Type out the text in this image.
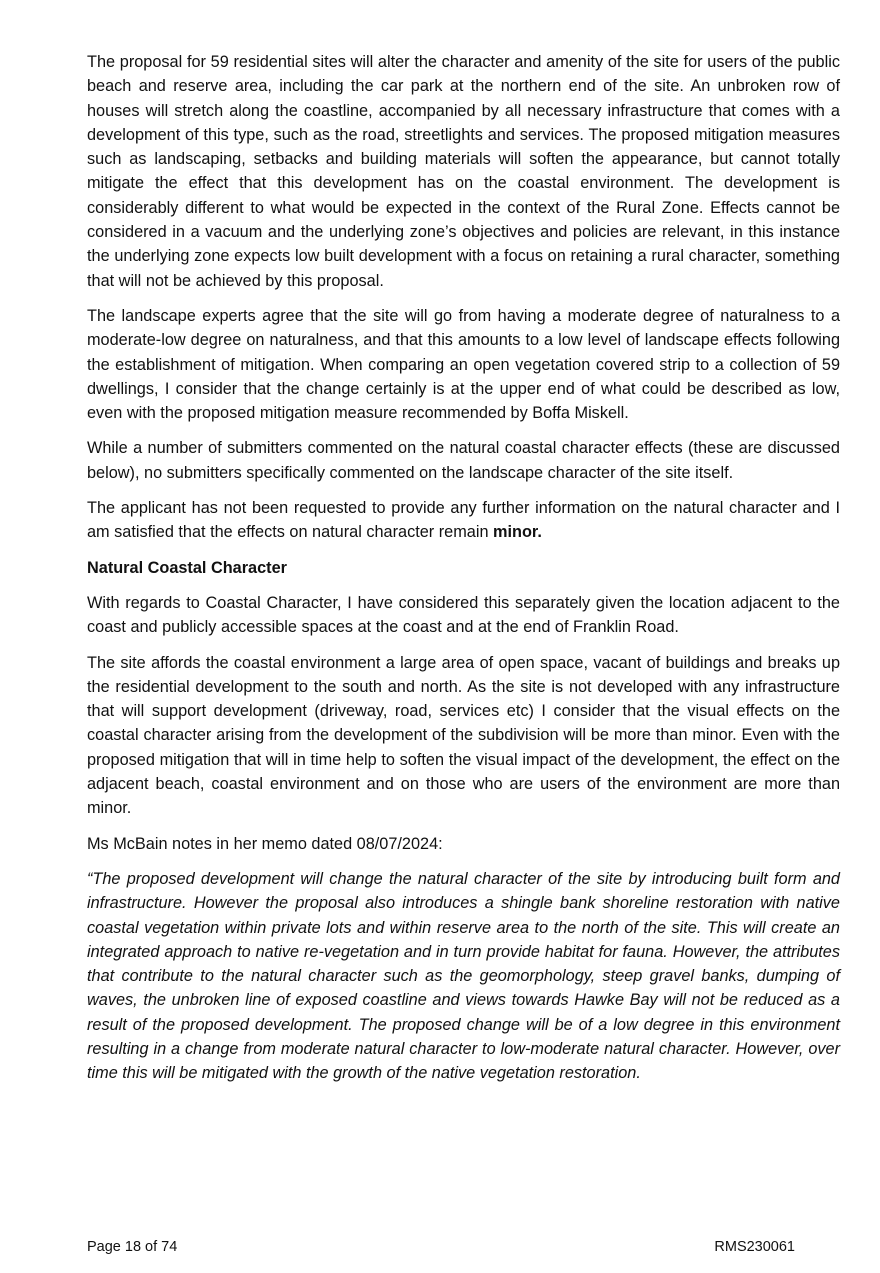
The proposal for 59 residential sites will alter the character and amenity of the site for users of the public beach and reserve area, including the car park at the northern end of the site. An unbroken row of houses will stretch along the coastline, accompanied by all necessary infrastructure that comes with a development of this type, such as the road, streetlights and services. The proposed mitigation measures such as landscaping, setbacks and building materials will soften the appearance, but cannot totally mitigate the effect that this development has on the coastal environment. The development is considerably different to what would be expected in the context of the Rural Zone. Effects cannot be considered in a vacuum and the underlying zone’s objectives and policies are relevant, in this instance the underlying zone expects low built development with a focus on retaining a rural character, something that will not be achieved by this proposal.

The landscape experts agree that the site will go from having a moderate degree of naturalness to a moderate-low degree on naturalness, and that this amounts to a low level of landscape effects following the establishment of mitigation. When comparing an open vegetation covered strip to a collection of 59 dwellings, I consider that the change certainly is at the upper end of what could be described as low, even with the proposed mitigation measure recommended by Boffa Miskell.

While a number of submitters commented on the natural coastal character effects (these are discussed below), no submitters specifically commented on the landscape character of the site itself.

The applicant has not been requested to provide any further information on the natural character and I am satisfied that the effects on natural character remain minor.

Natural Coastal Character

With regards to Coastal Character, I have considered this separately given the location adjacent to the coast and publicly accessible spaces at the coast and at the end of Franklin Road.

The site affords the coastal environment a large area of open space, vacant of buildings and breaks up the residential development to the south and north. As the site is not developed with any infrastructure that will support development (driveway, road, services etc) I consider that the visual effects on the coastal character arising from the development of the subdivision will be more than minor. Even with the proposed mitigation that will in time help to soften the visual impact of the development, the effect on the adjacent beach, coastal environment and on those who are users of the environment are more than minor.

Ms McBain notes in her memo dated 08/07/2024:

“The proposed development will change the natural character of the site by introducing built form and infrastructure. However the proposal also introduces a shingle bank shoreline restoration with native coastal vegetation within private lots and within reserve area to the north of the site. This will create an integrated approach to native re-vegetation and in turn provide habitat for fauna. However, the attributes that contribute to the natural character such as the geomorphology, steep gravel banks, dumping of waves, the unbroken line of exposed coastline and views towards Hawke Bay will not be reduced as a result of the proposed development. The proposed change will be of a low degree in this environment resulting in a change from moderate natural character to low-moderate natural character. However, over time this will be mitigated with the growth of the native vegetation restoration.

Page 18 of 74	RMS230061
